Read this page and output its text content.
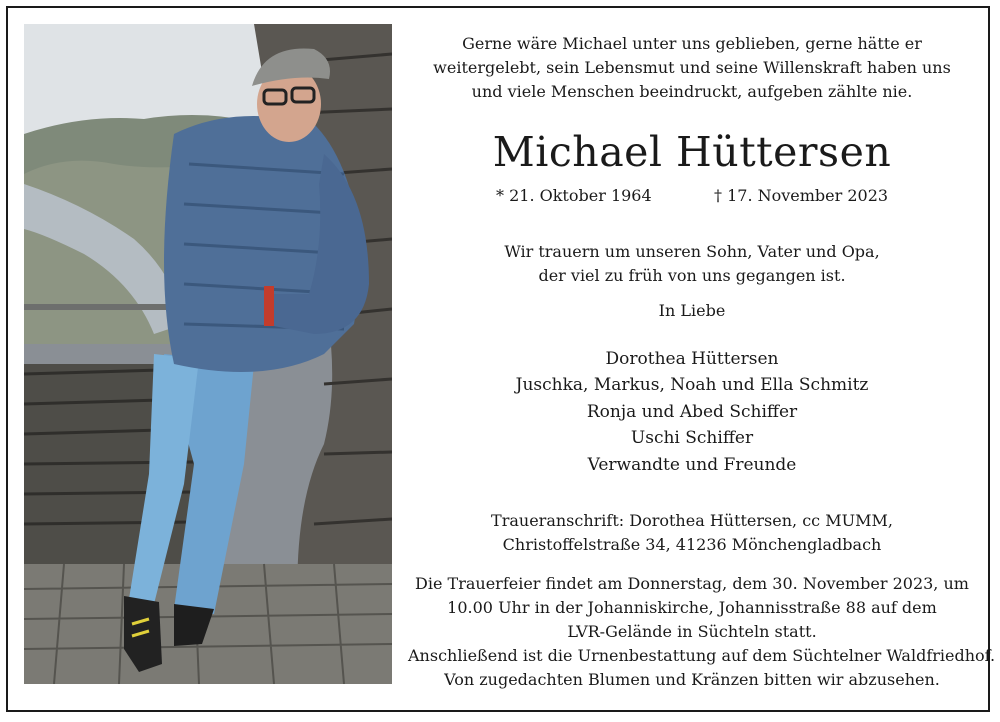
Gerne wäre Michael unter uns geblieben, gerne hätte er
weitergelebt, sein Lebensmut und seine Willenskraft haben uns
und viele Menschen beeindruckt, aufgeben zählte nie.
Michael Hüttersen
* 21. Oktober 1964	† 17. November 2023
Wir trauern um unseren Sohn, Vater und Opa,
der viel zu früh von uns gegangen ist.
In Liebe
Dorothea Hüttersen
Juschka, Markus, Noah und Ella Schmitz
Ronja und Abed Schiffer
Uschi Schiffer
Verwandte und Freunde
Traueranschrift: Dorothea Hüttersen, cc MUMM,
Christoffelstraße 34, 41236 Mönchengladbach
Die Trauerfeier findet am Donnerstag, dem 30. November 2023, um
10.00 Uhr in der Johanniskirche, Johannisstraße 88 auf dem
LVR-Gelände in Süchteln statt.
Anschließend ist die Urnenbestattung auf dem Süchtelner Waldfriedhof.
Von zugedachten Blumen und Kränzen bitten wir abzusehen.
